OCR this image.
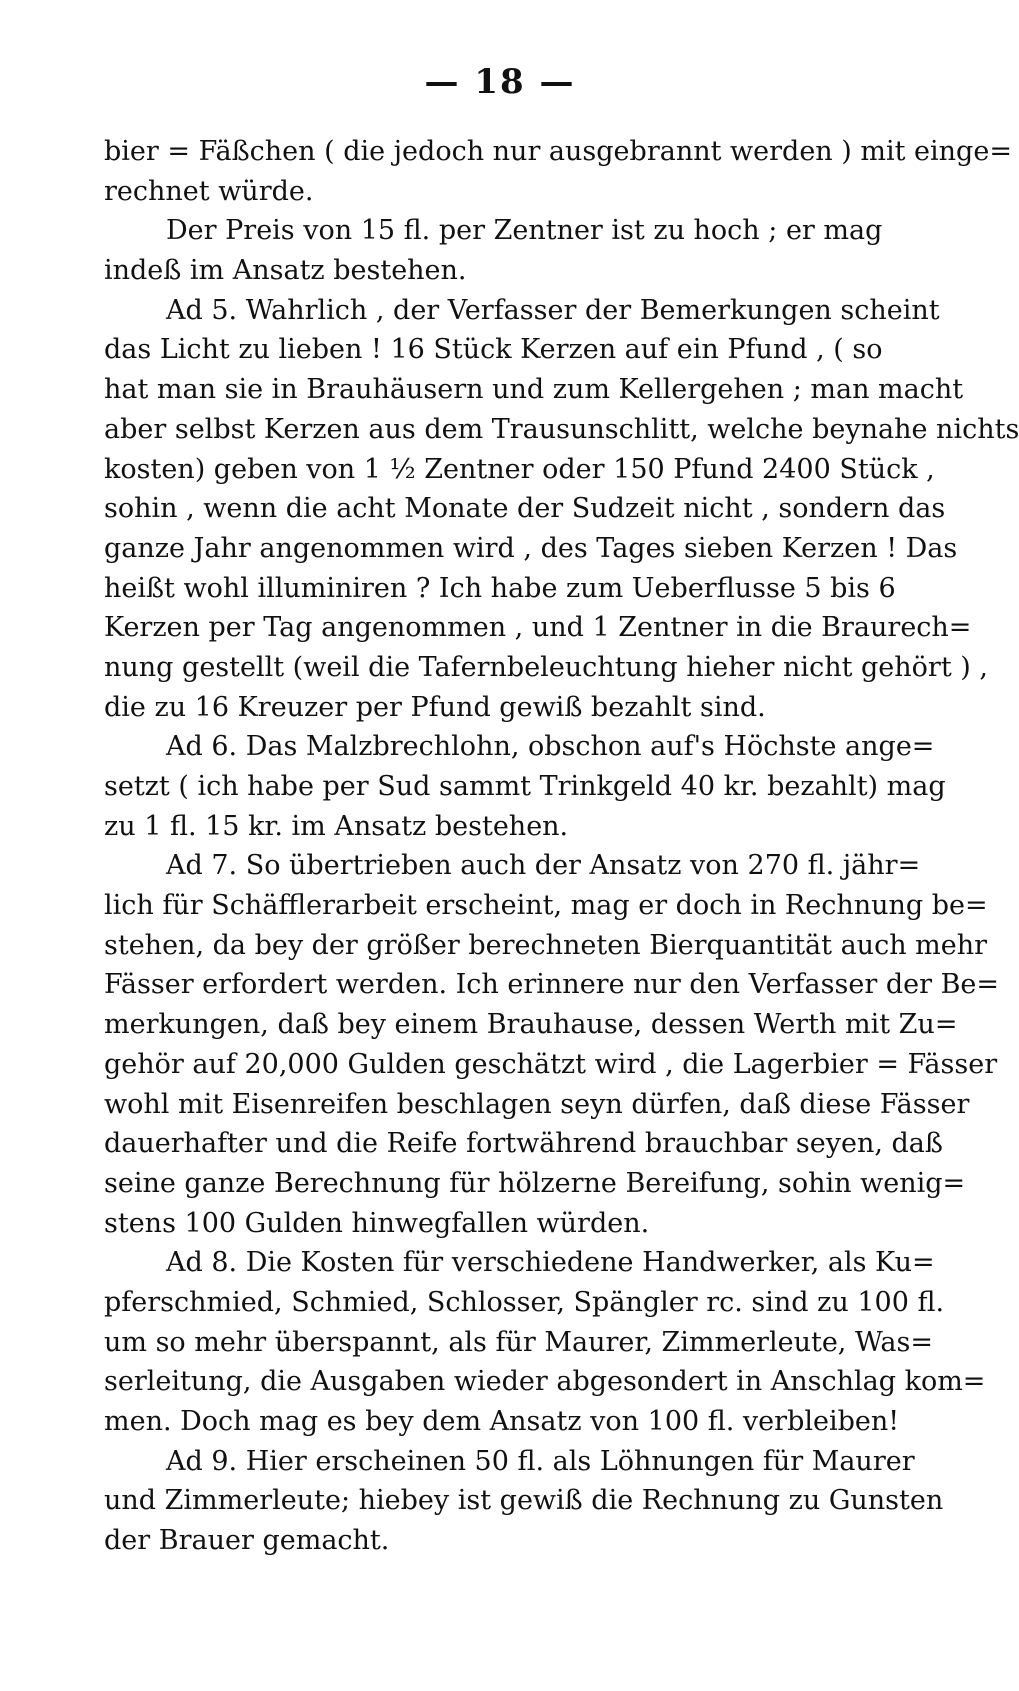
— 18 —
bier = Fäßchen ( die jedoch nur ausgebrannt werden ) mit einge=
rechnet würde.
Der Preis von 15 fl. per Zentner ist zu hoch ; er mag
indeß im Ansatz bestehen.
Ad 5. Wahrlich , der Verfasser der Bemerkungen scheint
das Licht zu lieben ! 16 Stück Kerzen auf ein Pfund , ( so
hat man sie in Brauhäusern und zum Kellergehen ; man macht
aber selbst Kerzen aus dem Trausunschlitt, welche beynahe nichts
kosten) geben von 1 ½ Zentner oder 150 Pfund 2400 Stück ,
sohin , wenn die acht Monate der Sudzeit nicht , sondern das
ganze Jahr angenommen wird , des Tages sieben Kerzen ! Das
heißt wohl illuminiren ? Ich habe zum Ueberflusse 5 bis 6
Kerzen per Tag angenommen , und 1 Zentner in die Braurech=
nung gestellt (weil die Tafernbeleuchtung hieher nicht gehört ) ,
die zu 16 Kreuzer per Pfund gewiß bezahlt sind.
Ad 6. Das Malzbrechlohn, obschon auf's Höchste ange=
setzt ( ich habe per Sud sammt Trinkgeld 40 kr. bezahlt) mag
zu 1 fl. 15 kr. im Ansatz bestehen.
Ad 7. So übertrieben auch der Ansatz von 270 fl. jähr=
lich für Schäfflerarbeit erscheint, mag er doch in Rechnung be=
stehen, da bey der größer berechneten Bierquantität auch mehr
Fässer erfordert werden. Ich erinnere nur den Verfasser der Be=
merkungen, daß bey einem Brauhause, dessen Werth mit Zu=
gehör auf 20,000 Gulden geschätzt wird , die Lagerbier = Fässer
wohl mit Eisenreifen beschlagen seyn dürfen, daß diese Fässer
dauerhafter und die Reife fortwährend brauchbar seyen, daß
seine ganze Berechnung für hölzerne Bereifung, sohin wenig=
stens 100 Gulden hinwegfallen würden.
Ad 8. Die Kosten für verschiedene Handwerker, als Ku=
pferschmied, Schmied, Schlosser, Spängler rc. sind zu 100 fl.
um so mehr überspannt, als für Maurer, Zimmerleute, Was=
serleitung, die Ausgaben wieder abgesondert in Anschlag kom=
men. Doch mag es bey dem Ansatz von 100 fl. verbleiben!
Ad 9. Hier erscheinen 50 fl. als Löhnungen für Maurer
und Zimmerleute; hiebey ist gewiß die Rechnung zu Gunsten
der Brauer gemacht.
